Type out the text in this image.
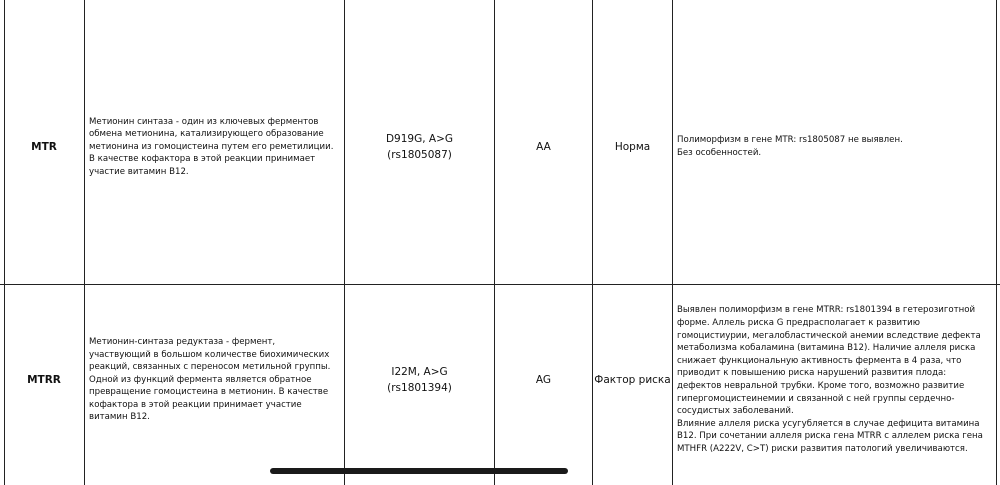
MTR
Метионин синтаза - один из ключевых ферментов обмена метионина, катализирующего образование метионина из гомоцистеина путем его реметилиции. В качестве кофактора в этой реакции принимает участие витамин В12.
D919G, A>G
(rs1805087)
AA	Норма

Полиморфизм в гене MTR: rs1805087 не выявлен.

Без особенностей.

MTRR
Метионин-синтаза редуктаза - фермент, участвующий в большом количестве биохимических реакций, связанных с переносом метильной группы. Одной из функций фермента является обратное превращение гомоцистеина в метионин. В качестве кофактора в этой реакции принимает участие витамин В12.
I22M, A>G
(rs1801394)
AG	Фактор риска

Выявлен полиморфизм в гене MTRR: rs1801394 в гетерозиготной форме. Аллель риска G предрасполагает к развитию гомоцистиурии, мегалобластической анемии вследствие дефекта метаболизма кобаламина (витамина В12). Наличие аллеля риска снижает функциональную активность фермента в 4 раза, что приводит к повышению риска нарушений развития плода: дефектов невральной трубки. Кроме того, возможно развитие гипергомоцистеинемии и связанной с ней группы сердечно-сосудистых заболеваний.

Влияние аллеля риска усугубляется в случае дефицита витамина В12. При сочетании аллеля риска гена MTRR с аллелем риска гена MTHFR (A222V, C>T) риски развития патологий увеличиваются.
